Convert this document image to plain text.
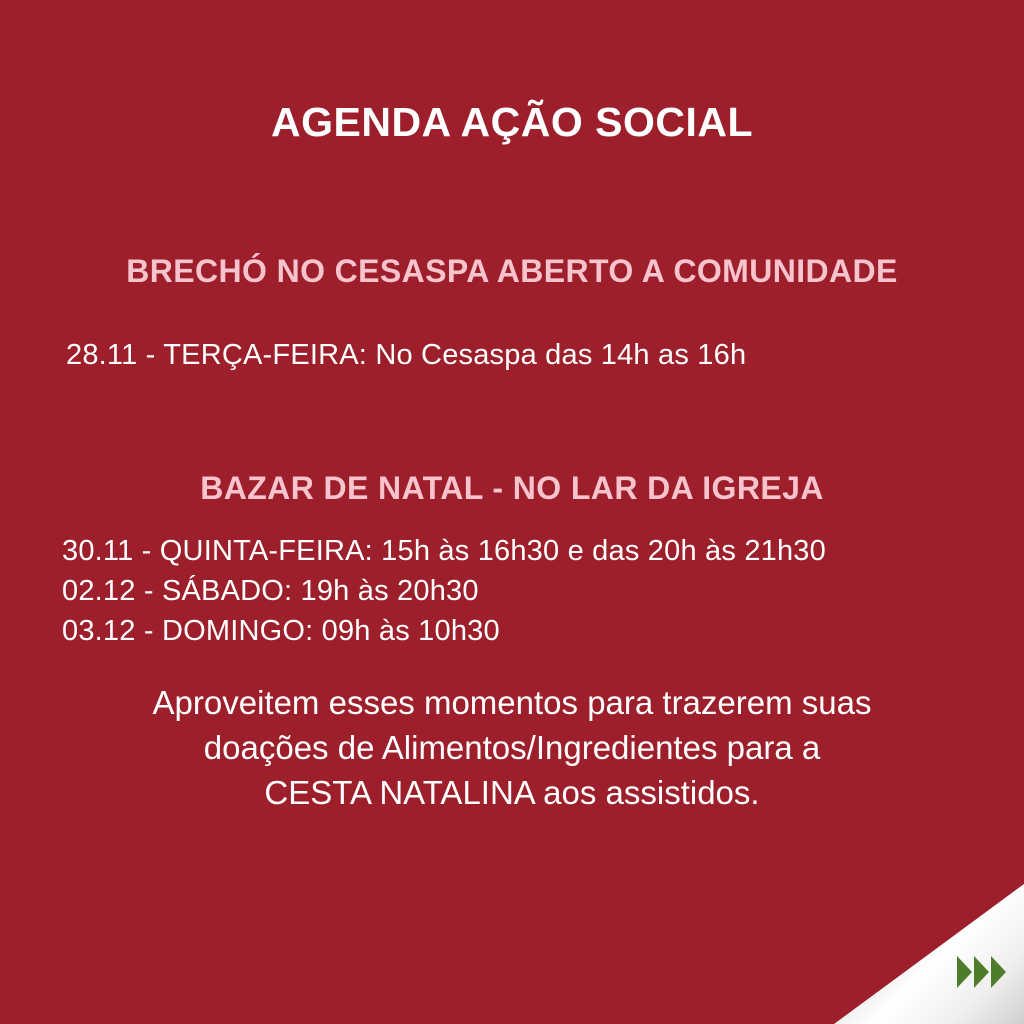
AGENDA AÇÃO SOCIAL
BRECHÓ NO CESASPA ABERTO A COMUNIDADE
28.11 - TERÇA-FEIRA: No Cesaspa das 14h as 16h
BAZAR DE NATAL - NO LAR DA IGREJA
30.11 - QUINTA-FEIRA: 15h às 16h30 e das 20h às 21h30
02.12 - SÁBADO: 19h às 20h30
03.12 - DOMINGO: 09h às 10h30
Aproveitem esses momentos para trazerem suas
doações de Alimentos/Ingredientes para a
CESTA NATALINA aos assistidos.
